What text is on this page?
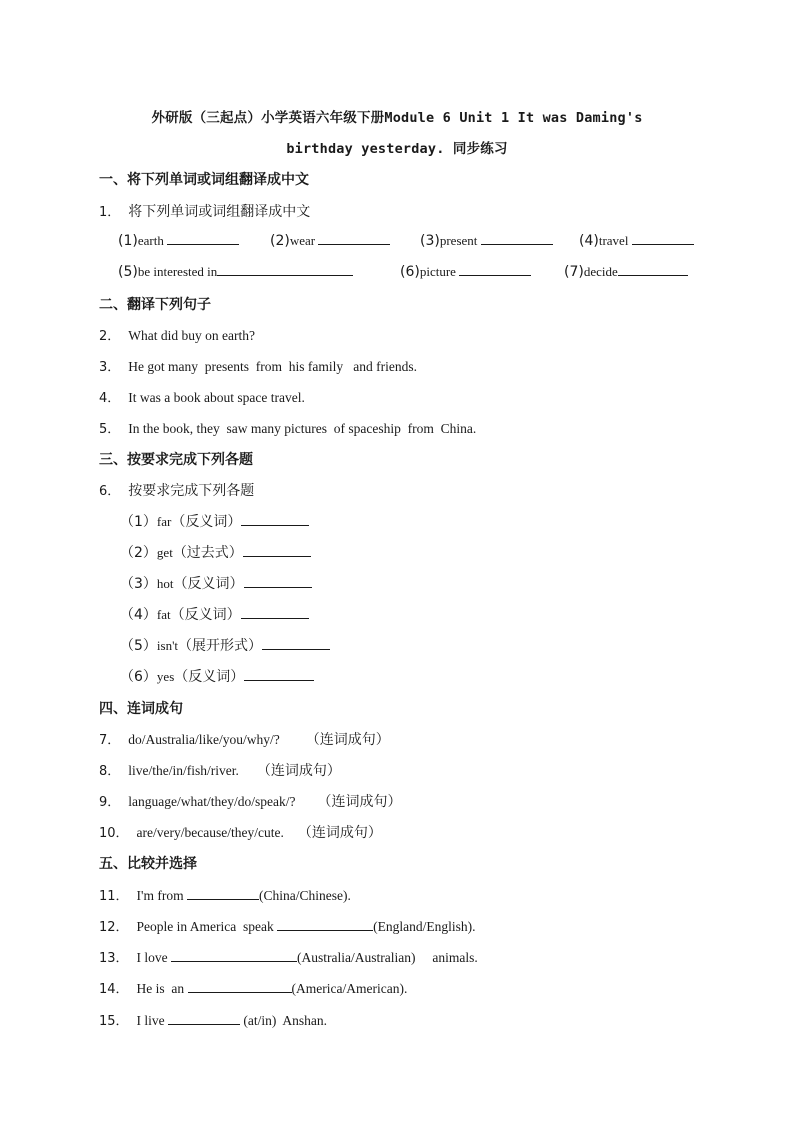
外研版（三起点）小学英语六年级下册Module 6 Unit 1 It was Daming's
birthday yesterday. 同步练习
一、将下列单词或词组翻译成中文
1． 将下列单词或词组翻译成中文
(1)earth	(2)wear	(3)present	(4)travel
(5)be interested in	(6)picture	(7)decide
二、翻译下列句子
2． What did buy on earth?
3． He got many  presents  from  his family   and friends.
4． It was a book about space travel.
5． In the book, they  saw many pictures  of spaceship  from  China.
三、按要求完成下列各题
6． 按要求完成下列各题
（1）far（反义词）
（2）get（过去式）
（3）hot（反义词）
（4）fat（反义词）
（5）isn't（展开形式）
（6）yes（反义词）
四、连词成句
7． do/Australia/like/you/why/? （连词成句）
8． live/the/in/fish/river. （连词成句）
9． language/what/they/do/speak/? （连词成句）
10． are/very/because/they/cute. （连词成句）
五、比较并选择
11． I'm from	(China/Chinese).
12． People in America  speak	(England/English).
13． I love	(Australia/Australian)     animals.
14． He is  an	(America/American).
15． I live	(at/in)  Anshan.
